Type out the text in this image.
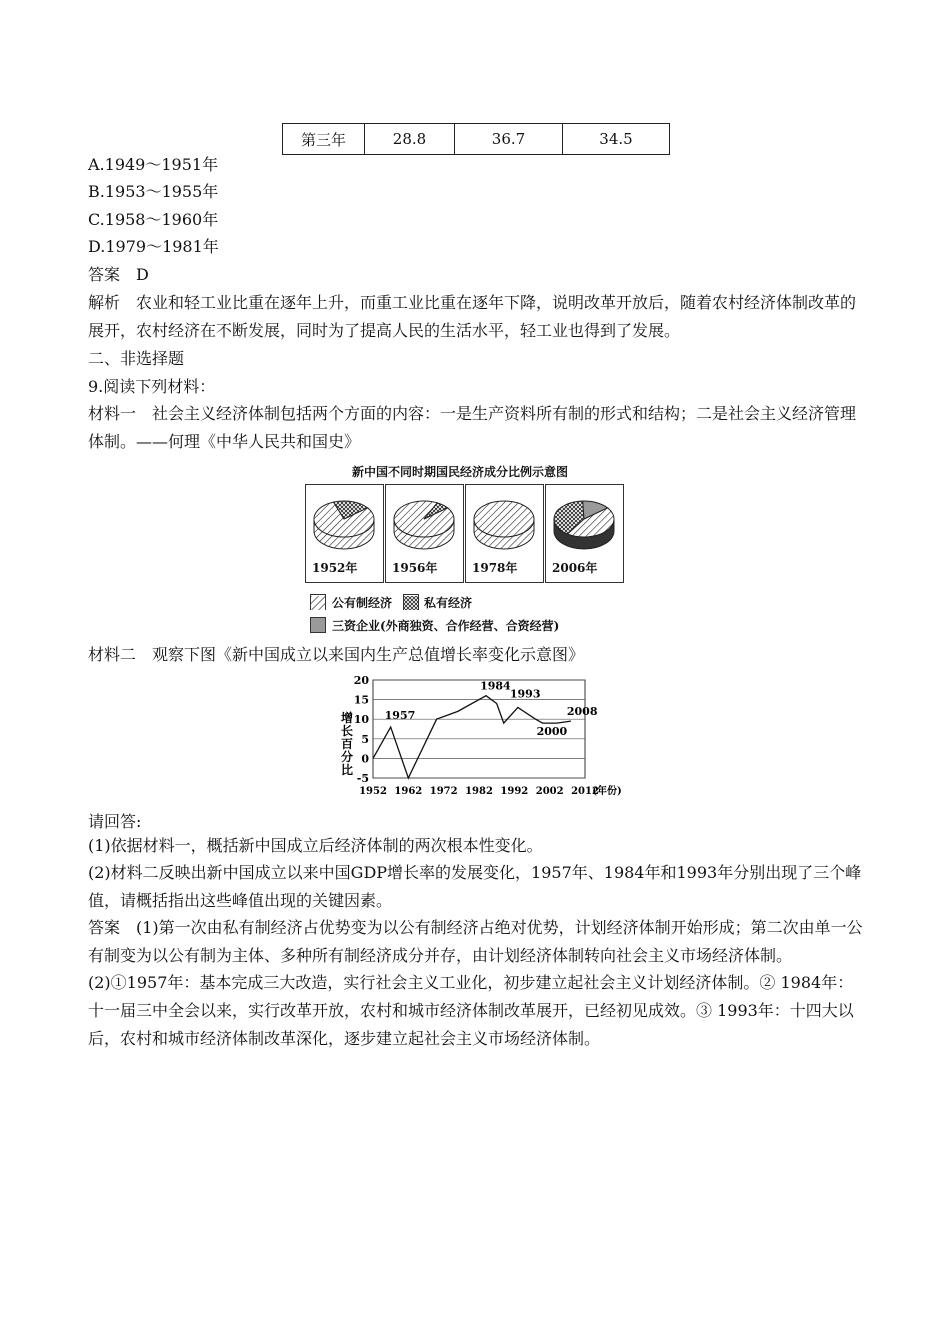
第三年	28.8	36.7	34.5
A.1949～1951年
B.1953～1955年
C.1958～1960年
D.1979～1981年
答案　D
解析　农业和轻工业比重在逐年上升，而重工业比重在逐年下降，说明改革开放后，随着农村经济体制改革的展开，农村经济在不断发展，同时为了提高人民的生活水平，轻工业也得到了发展。
二、非选择题
9.阅读下列材料：
材料一　社会主义经济体制包括两个方面的内容：一是生产资料所有制的形式和结构；二是社会主义经济管理体制。——何理《中华人民共和国史》
新中国不同时期国民经济成分比例示意图
1952年	1956年	1978年	2006年
公有制经济	私有经济
三资企业(外商独资、合作经营、合资经营)
材料二　观察下图《新中国成立以来国内生产总值增长率变化示意图》
20
15
10
5
0
-5
1952 1962 1972 1982 1992 2002 2012
(年份)
增
长
百
分
比
1957
1984
1993
2000
2008
请回答:
(1)依据材料一，概括新中国成立后经济体制的两次根本性变化。
(2)材料二反映出新中国成立以来中国GDP增长率的发展变化，1957年、1984年和1993年分别出现了三个峰值，请概括指出这些峰值出现的关键因素。
答案　(1)第一次由私有制经济占优势变为以公有制经济占绝对优势，计划经济体制开始形成；第二次由单一公有制变为以公有制为主体、多种所有制经济成分并存，由计划经济体制转向社会主义市场经济体制。
(2)①1957年：基本完成三大改造，实行社会主义工业化，初步建立起社会主义计划经济体制。② 1984年：十一届三中全会以来，实行改革开放，农村和城市经济体制改革展开，已经初见成效。③ 1993年：十四大以后，农村和城市经济体制改革深化，逐步建立起社会主义市场经济体制。
